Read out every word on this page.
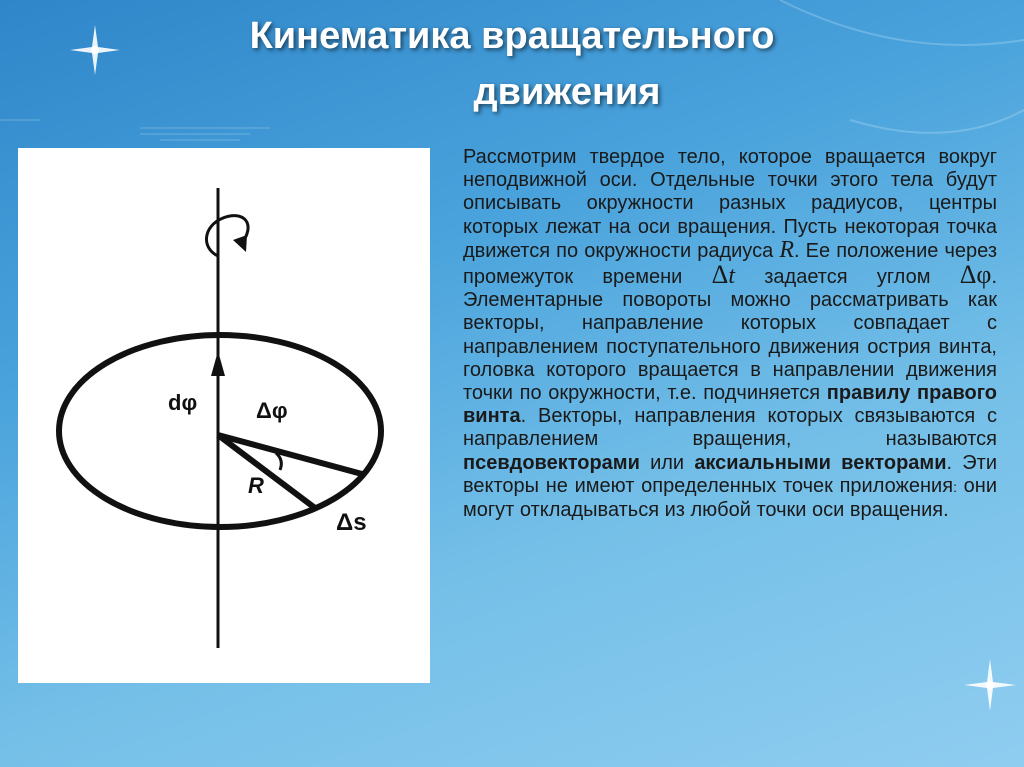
Кинематика вращательного
движения
dφ	Δφ
R
Δs
Рассмотрим твердое тело, которое вращается вокруг неподвижной оси. Отдельные точки этого тела будут описывать окружности разных радиусов, центры которых лежат на оси вращения. Пусть некоторая точка движется по окружности радиуса R. Ее положение через промежуток времени Δt задается углом Δφ. Элементарные повороты можно рассматривать как векторы, направление которых совпадает с направлением поступательного движения острия винта, головка которого вращается в направлении движения точки по окружности, т.е. подчиняется правилу правого винта. Векторы, направления которых связываются с направлением вращения, называются псевдовекторами или аксиальными векторами. Эти векторы не имеют определенных точек приложения: они могут откладываться из любой точки оси вращения.
